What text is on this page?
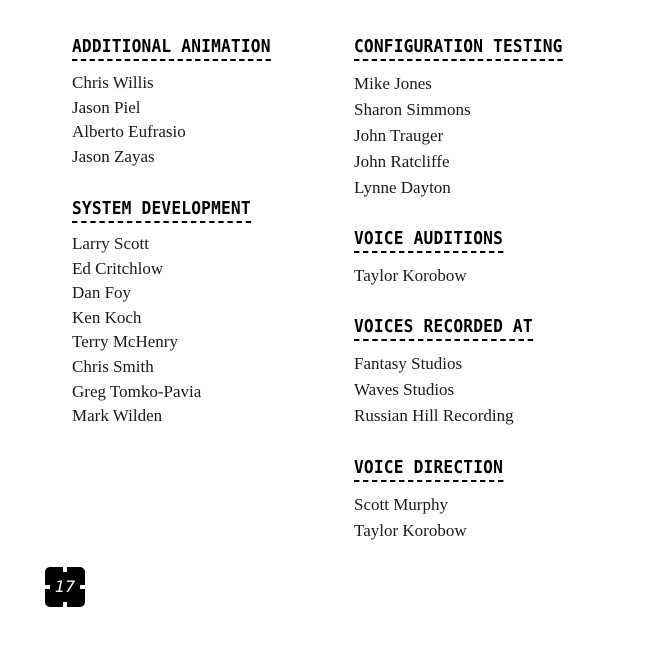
ADDITIONAL ANIMATION
Chris Willis
Jason Piel
Alberto Eufrasio
Jason Zayas
SYSTEM DEVELOPMENT
Larry Scott
Ed Critchlow
Dan Foy
Ken Koch
Terry McHenry
Chris Smith
Greg Tomko-Pavia
Mark Wilden
CONFIGURATION TESTING
Mike Jones
Sharon Simmons
John Trauger
John Ratcliffe
Lynne Dayton
VOICE AUDITIONS
Taylor Korobow
VOICES RECORDED AT
Fantasy Studios
Waves Studios
Russian Hill Recording
VOICE DIRECTION
Scott Murphy
Taylor Korobow
17
